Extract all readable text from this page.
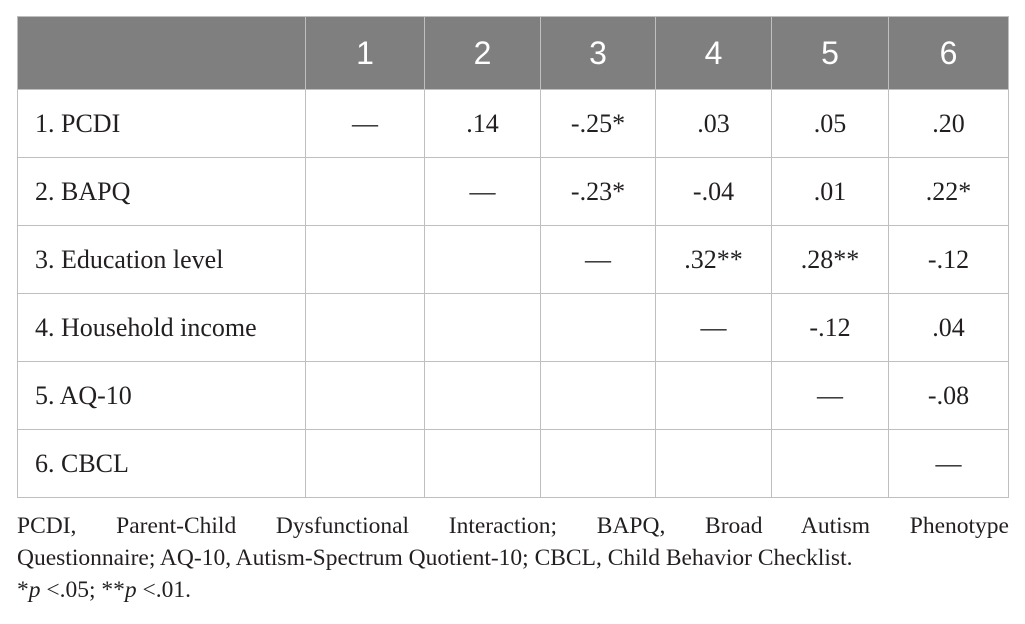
	1	2	3	4	5	6
1. PCDI	—	.14	-.25*	.03	.05	.20
2. BAPQ		—	-.23*	-.04	.01	.22*
3. Education level			—	.32**	.28**	-.12
4. Household income				—	-.12	.04
5. AQ-10					—	-.08
6. CBCL						—

PCDI, Parent-Child Dysfunctional Interaction; BAPQ, Broad Autism Phenotype
Questionnaire; AQ-10, Autism-Spectrum Quotient-10; CBCL, Child Behavior Checklist.

*p <.05; **p <.01.
